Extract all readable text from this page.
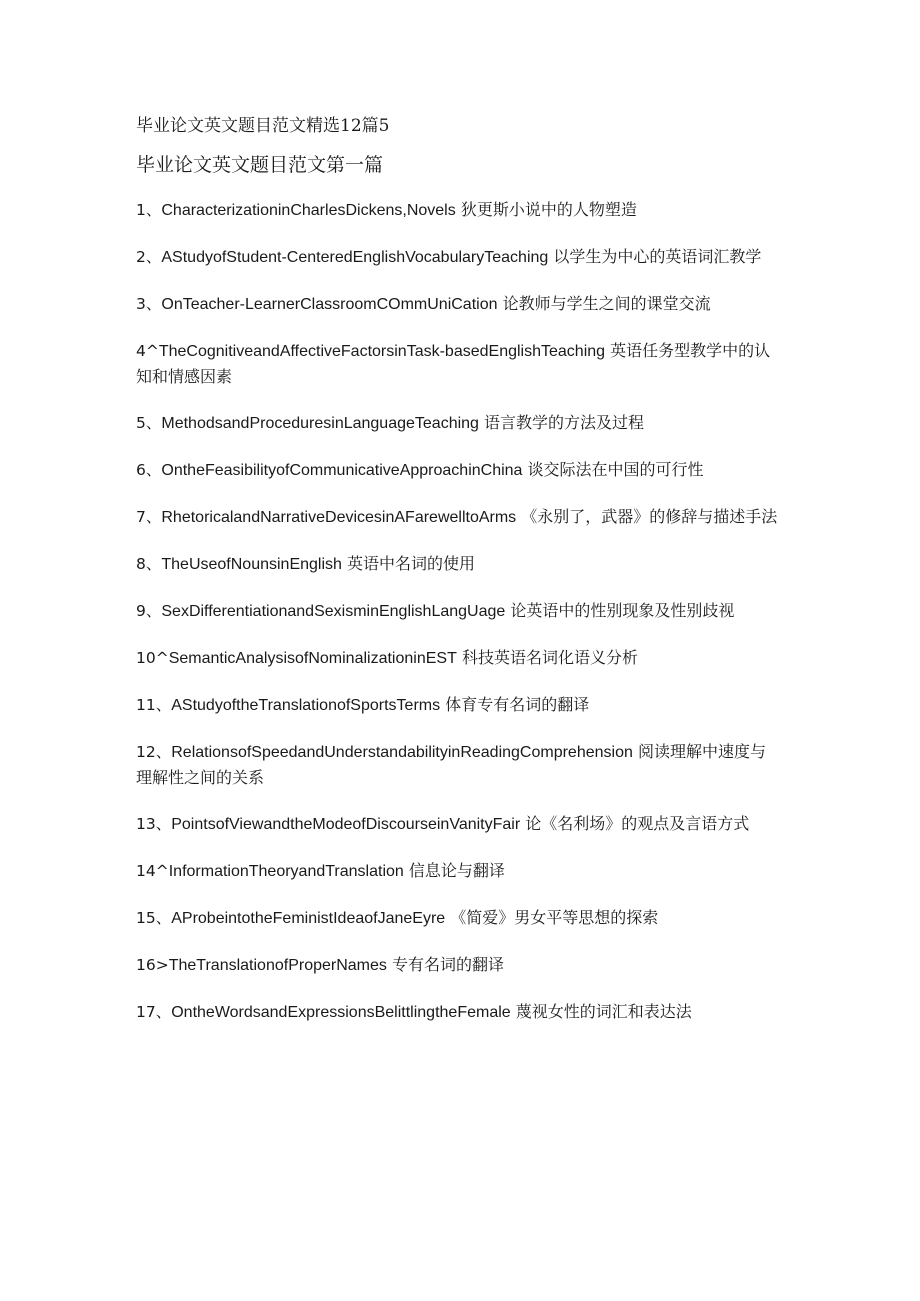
毕业论文英文题目范文精选12篇5

毕业论文英文题目范文第一篇

1、CharacterizationinCharlesDickens,Novels 狄更斯小说中的人物塑造
2、AStudyofStudent-CenteredEnglishVocabularyTeaching 以学生为中心的英语词汇教学
3、OnTeacher-LearnerClassroomCOmmUniCation 论教师与学生之间的课堂交流
4^TheCognitiveandAffectiveFactorsinTask-basedEnglishTeaching 英语任务型教学中的认知和情感因素
5、MethodsandProceduresinLanguageTeaching 语言教学的方法及过程
6、OntheFeasibilityofCommunicativeApproachinChina 谈交际法在中国的可行性
7、RhetoricalandNarrativeDevicesinAFarewelltoArms 《永别了，武器》的修辞与描述手法
8、TheUseofNounsinEnglish 英语中名词的使用
9、SexDifferentiationandSexisminEnglishLangUage 论英语中的性别现象及性别歧视
10^SemanticAnalysisofNominalizationinEST 科技英语名词化语义分析
11、AStudyoftheTranslationofSportsTerms 体育专有名词的翻译
12、RelationsofSpeedandUnderstandabilityinReadingComprehension 阅读理解中速度与理解性之间的关系
13、PointsofViewandtheModeofDiscourseinVanityFair 论《名利场》的观点及言语方式
14^InformationTheoryandTranslation 信息论与翻译
15、AProbeintotheFeministIdeaofJaneEyre 《简爱》男女平等思想的探索
16>TheTranslationofProperNames 专有名词的翻译
17、OntheWordsandExpressionsBelittlingtheFemale 蔑视女性的词汇和表达法
